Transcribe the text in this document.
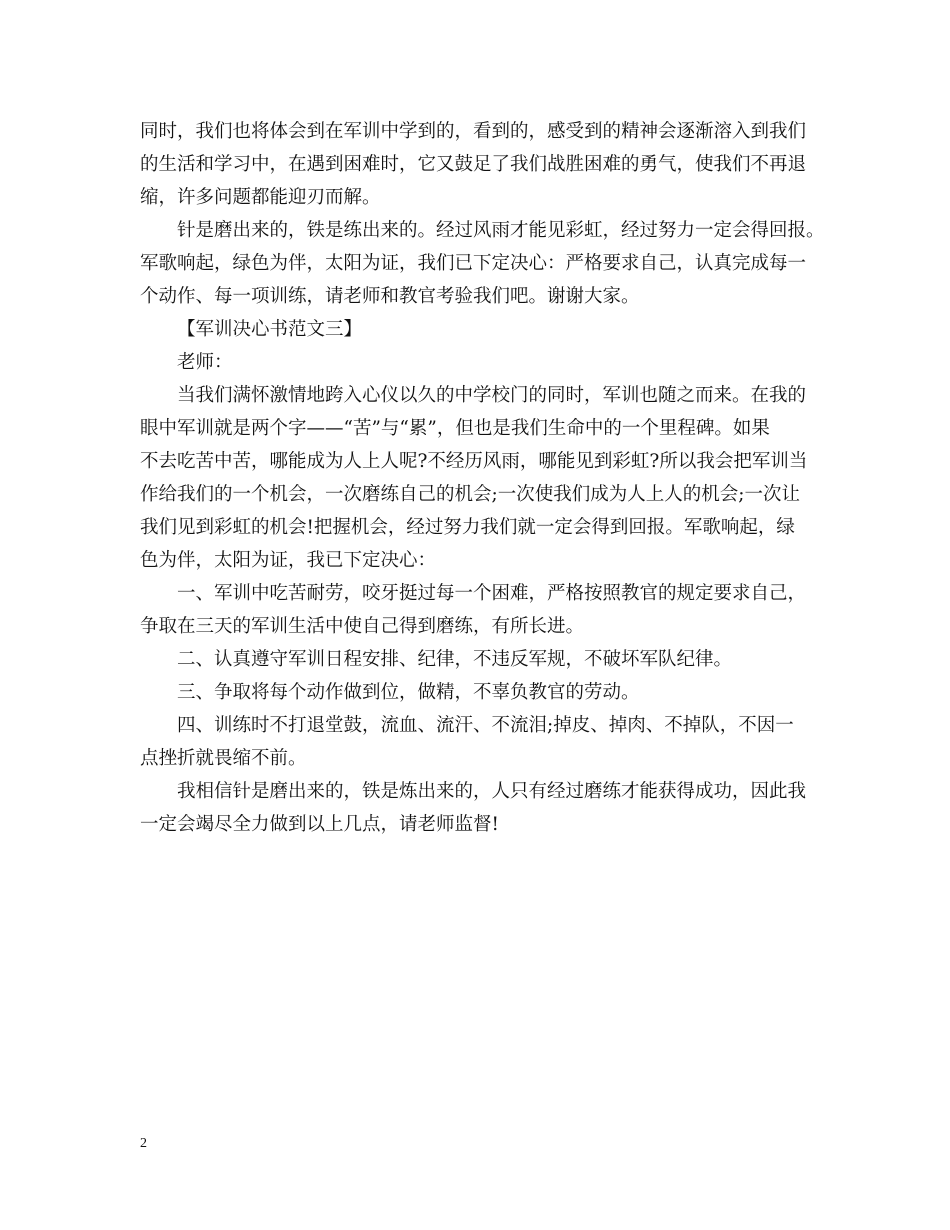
同时，我们也将体会到在军训中学到的，看到的，感受到的精神会逐渐溶入到我们
的生活和学习中，在遇到困难时，它又鼓足了我们战胜困难的勇气，使我们不再退
缩，许多问题都能迎刃而解。
针是磨出来的，铁是练出来的。经过风雨才能见彩虹，经过努力一定会得回报。
军歌响起，绿色为伴，太阳为证，我们已下定决心：严格要求自己，认真完成每一
个动作、每一项训练，请老师和教官考验我们吧。谢谢大家。
【军训决心书范文三】
老师：
当我们满怀激情地跨入心仪以久的中学校门的同时，军训也随之而来。在我的
眼中军训就是两个字——“苦”与“累”，但也是我们生命中的一个里程碑。如果
不去吃苦中苦，哪能成为人上人呢?不经历风雨，哪能见到彩虹?所以我会把军训当
作给我们的一个机会，一次磨练自己的机会;一次使我们成为人上人的机会;一次让
我们见到彩虹的机会!把握机会，经过努力我们就一定会得到回报。军歌响起，绿
色为伴，太阳为证，我已下定决心：
一、军训中吃苦耐劳，咬牙挺过每一个困难，严格按照教官的规定要求自己，
争取在三天的军训生活中使自己得到磨练，有所长进。
二、认真遵守军训日程安排、纪律，不违反军规，不破坏军队纪律。
三、争取将每个动作做到位，做精，不辜负教官的劳动。
四、训练时不打退堂鼓，流血、流汗、不流泪;掉皮、掉肉、不掉队，不因一
点挫折就畏缩不前。
我相信针是磨出来的，铁是炼出来的，人只有经过磨练才能获得成功，因此我
一定会竭尽全力做到以上几点，请老师监督!
2
